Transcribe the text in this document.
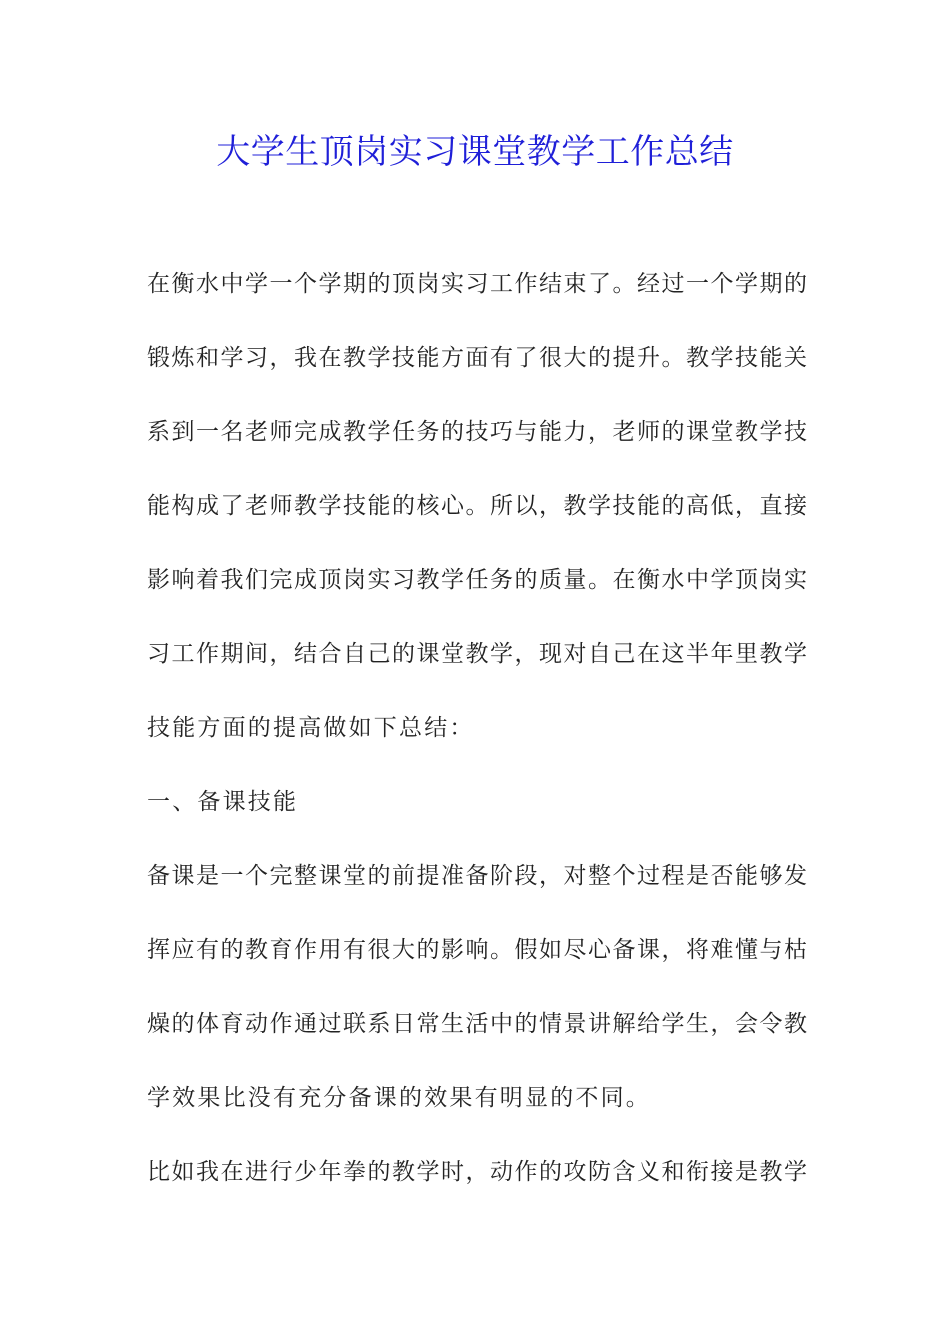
大学生顶岗实习课堂教学工作总结
在衡水中学一个学期的顶岗实习工作结束了。经过一个学期的
锻炼和学习，我在教学技能方面有了很大的提升。教学技能关
系到一名老师完成教学任务的技巧与能力，老师的课堂教学技
能构成了老师教学技能的核心。所以，教学技能的高低，直接
影响着我们完成顶岗实习教学任务的质量。在衡水中学顶岗实
习工作期间，结合自己的课堂教学，现对自己在这半年里教学
技能方面的提高做如下总结：
一、备课技能
备课是一个完整课堂的前提准备阶段，对整个过程是否能够发
挥应有的教育作用有很大的影响。假如尽心备课，将难懂与枯
燥的体育动作通过联系日常生活中的情景讲解给学生，会令教
学效果比没有充分备课的效果有明显的不同。
比如我在进行少年拳的教学时，动作的攻防含义和衔接是教学
